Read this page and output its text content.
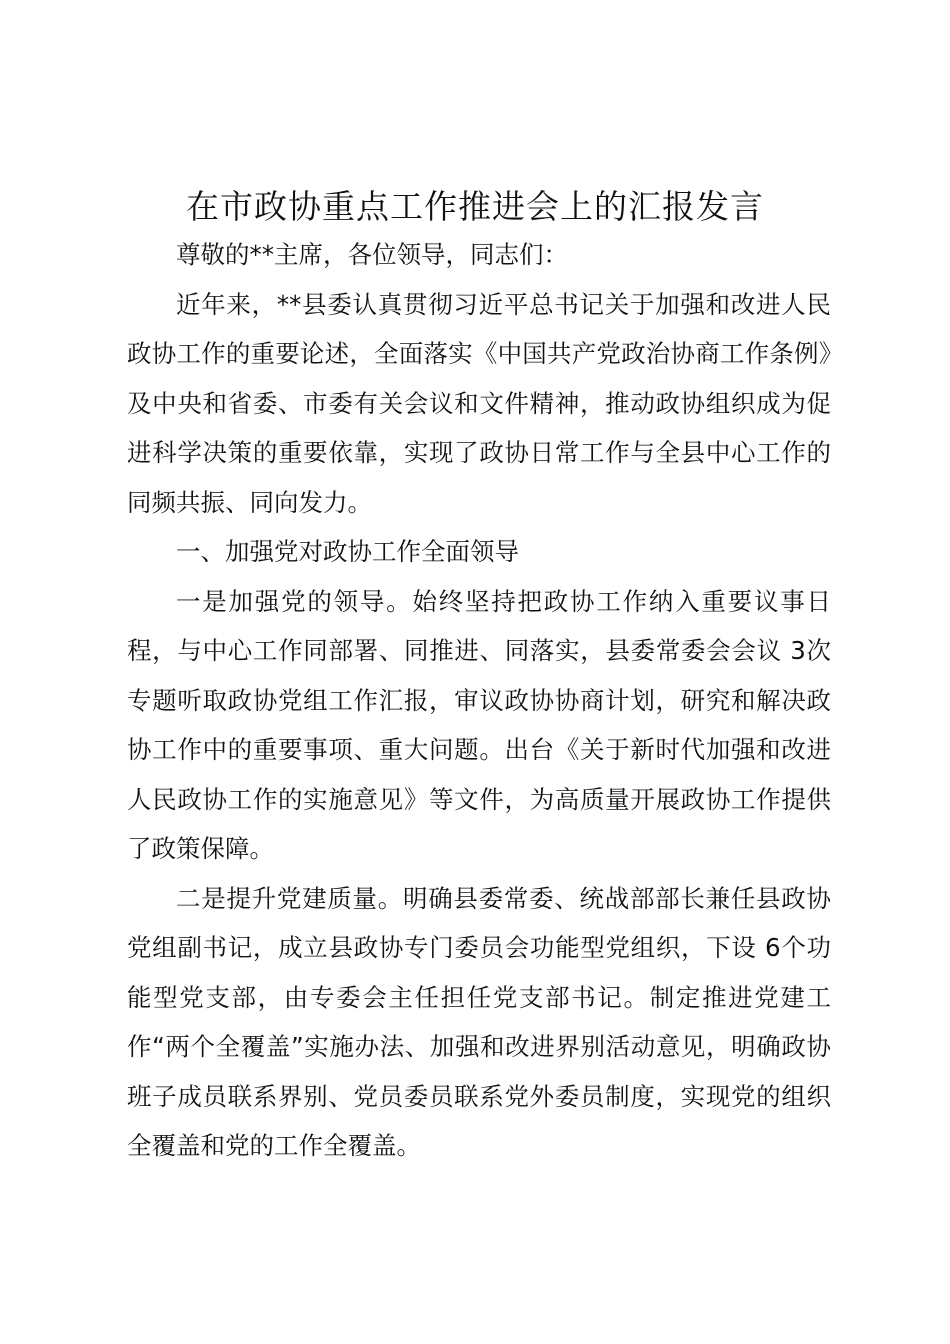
在市政协重点工作推进会上的汇报发言

尊敬的**主席，各位领导，同志们：

近年来，**县委认真贯彻习近平总书记关于加强和改进人民政协工作的重要论述，全面落实《中国共产党政治协商工作条例》及中央和省委、市委有关会议和文件精神，推动政协组织成为促进科学决策的重要依靠，实现了政协日常工作与全县中心工作的同频共振、同向发力。

一、加强党对政协工作全面领导

一是加强党的领导。始终坚持把政协工作纳入重要议事日程，与中心工作同部署、同推进、同落实，县委常委会会议 3次专题听取政协党组工作汇报，审议政协协商计划，研究和解决政协工作中的重要事项、重大问题。出台《关于新时代加强和改进人民政协工作的实施意见》等文件，为高质量开展政协工作提供了政策保障。

二是提升党建质量。明确县委常委、统战部部长兼任县政协党组副书记，成立县政协专门委员会功能型党组织，下设 6个功能型党支部，由专委会主任担任党支部书记。制定推进党建工作“两个全覆盖”实施办法、加强和改进界别活动意见，明确政协班子成员联系界别、党员委员联系党外委员制度，实现党的组织全覆盖和党的工作全覆盖。
